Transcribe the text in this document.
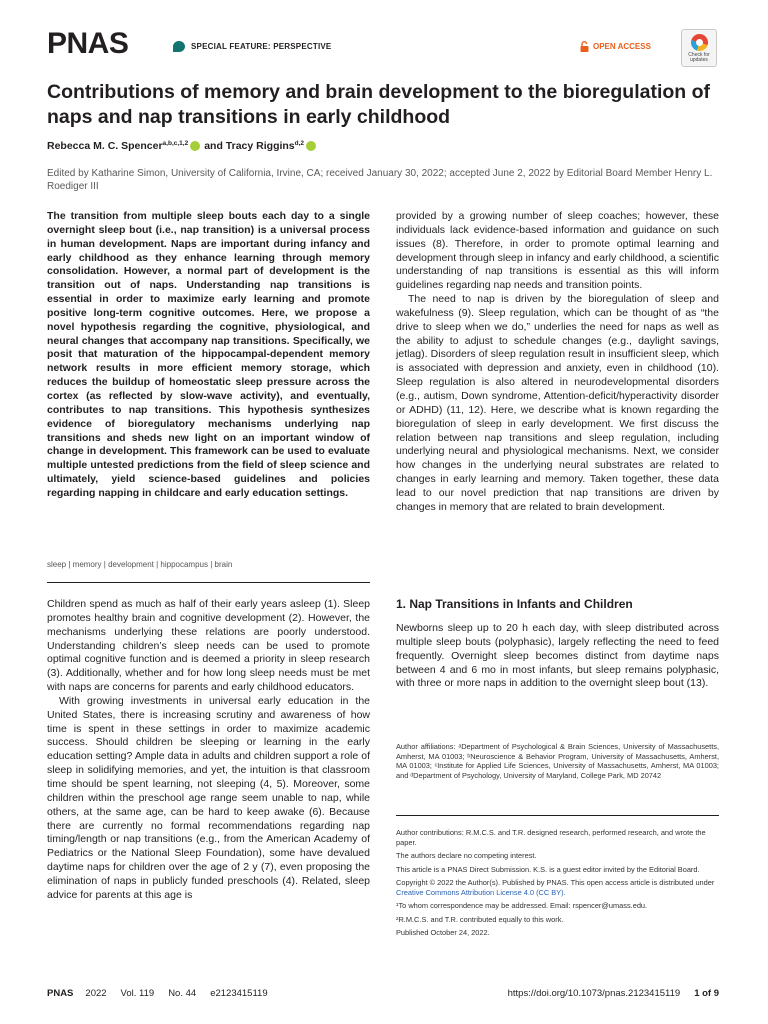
PNAS	SPECIAL FEATURE: PERSPECTIVE	OPEN ACCESS
Check for updates
Contributions of memory and brain development to the bioregulation of naps and nap transitions in early childhood
Rebecca M. C. Spencer$^{a,b,c,1,2}$ and
Tracy Riggins$^{d,2}$
Edited by Katharine Simon, University of California, Irvine, CA; received January 30, 2022; accepted June 2, 2022 by Editorial Board Member Henry L. Roediger III

The transition from multiple sleep bouts each day to a single overnight sleep bout (i.e., nap transition) is a universal process in human development. Naps are important during infancy and early childhood as they enhance learning through memory consolidation. However, a normal part of development is the transition out of naps. Understanding nap transitions is essential in order to maximize early learning and promote positive long-term cognitive outcomes. Here, we propose a novel hypothesis regarding the cognitive, physiological, and neural changes that accompany nap transitions. Specifically, we posit that maturation of the hippocampal-dependent memory network results in more efficient memory storage, which reduces the buildup of homeostatic sleep pressure across the cortex (as reflected by slow-wave activity), and eventually, contributes to nap transitions. This hypothesis synthesizes evidence of bioregulatory mechanisms underlying nap transitions and sheds new light on an important window of change in development. This framework can be used to evaluate multiple untested predictions from the field of sleep science and ultimately, yield science-based guidelines and policies regarding napping in childcare and early education settings.

sleep | memory | development | hippocampus | brain

Children spend as much as half of their early years asleep (1). Sleep promotes healthy brain and cognitive development (2). However, the mechanisms underlying these relations are poorly understood. Understanding children’s sleep needs can be used to promote optimal cognitive function and is deemed a priority in sleep research (3). Additionally, whether and for how long sleep needs must be met with naps are concerns for parents and early childhood educators.

With growing investments in universal early education in the United States, there is increasing scrutiny and awareness of how time is spent in these settings in order to maximize academic success. Should children be sleeping or learning in the early education setting? Ample data in adults and children support a role of sleep in solidifying memories, and yet, the intuition is that classroom time should be spent learning, not sleeping (4, 5). Moreover, some children within the preschool age range seem unable to nap, while others, at the same age, can be hard to keep awake (6). Because there are currently no formal recommendations regarding nap timing/length or nap transitions (e.g., from the American Academy of Pediatrics or the National Sleep Foundation), some have devalued daytime naps for children over the age of 2 y (7), even proposing the elimination of naps in publicly funded preschools (4). Related, sleep advice for parents at this age is

provided by a growing number of sleep coaches; however, these individuals lack evidence-based information and guidance on such issues (8). Therefore, in order to promote optimal learning and development through sleep in infancy and early childhood, a scientific understanding of nap transitions is essential as this will inform guidelines regarding nap needs and transition points.

The need to nap is driven by the bioregulation of sleep and wakefulness (9). Sleep regulation, which can be thought of as “the drive to sleep when we do,” underlies the need for naps as well as the ability to adjust to schedule changes (e.g., daylight savings, jetlag). Disorders of sleep regulation result in insufficient sleep, which is associated with depression and anxiety, even in childhood (10). Sleep regulation is also altered in neurodevelopmental disorders (e.g., autism, Down syndrome, Attention-deficit/hyperactivity disorder or ADHD) (11, 12). Here, we describe what is known regarding the bioregulation of sleep in early development. We first discuss the relation between nap transitions and sleep regulation, including underlying neural and physiological mechanisms. Next, we consider how changes in the underlying neural substrates are related to changes in early learning and memory. Taken together, these data lead to our novel prediction that nap transitions are driven by changes in memory that are related to brain development.

1. Nap Transitions in Infants and Children

Newborns sleep up to 20 h each day, with sleep distributed across multiple sleep bouts (polyphasic), largely reflecting the need to feed frequently. Overnight sleep becomes distinct from daytime naps between 4 and 6 mo in most infants, but sleep remains polyphasic, with three or more naps in addition to the overnight sleep bout (13).

Author affiliations: ᵃDepartment of Psychological & Brain Sciences, University of Massachusetts, Amherst, MA 01003; ᵇNeuroscience & Behavior Program, University of Massachusetts, Amherst, MA 01003; ᶜInstitute for Applied Life Sciences, University of Massachusetts, Amherst, MA 01003; and ᵈDepartment of Psychology, University of Maryland, College Park, MD 20742

Author contributions: R.M.C.S. and T.R. designed research, performed research, and wrote the paper.

The authors declare no competing interest.

This article is a PNAS Direct Submission. K.S. is a guest editor invited by the Editorial Board.

Copyright © 2022 the Author(s). Published by PNAS. This open access article is distributed under Creative Commons Attribution License 4.0 (CC BY).

¹To whom correspondence may be addressed. Email: rspencer@umass.edu.

²R.M.C.S. and T.R. contributed equally to this work.

Published October 24, 2022.

PNAS 2022 Vol. 119 No. 44 e2123415119	https://doi.org/10.1073/pnas.2123415119 1 of 9
